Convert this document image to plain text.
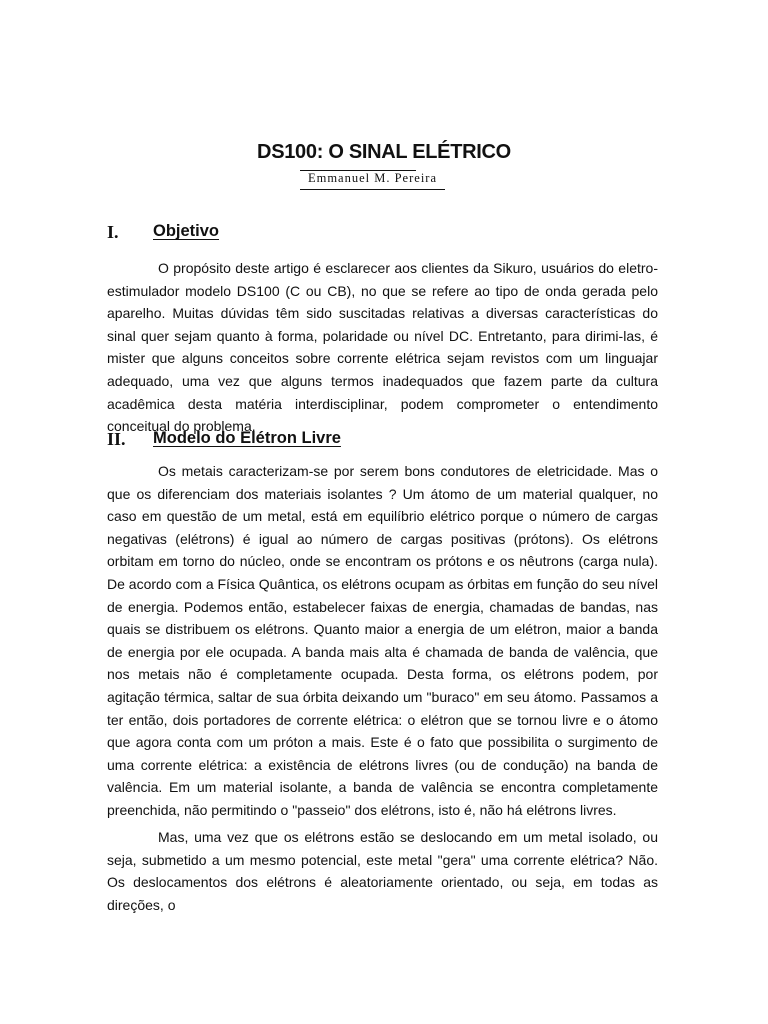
DS100: O SINAL ELÉTRICO
Emmanuel M. Pereira
I. Objetivo

O propósito deste artigo é esclarecer aos clientes da Sikuro, usuários do eletro-estimulador modelo DS100 (C ou CB), no que se refere ao tipo de onda gerada pelo aparelho. Muitas dúvidas têm sido suscitadas relativas a diversas características do sinal quer sejam quanto à forma, polaridade ou nível DC. Entretanto, para dirimi-las, é mister que alguns conceitos sobre corrente elétrica sejam revistos com um linguajar adequado, uma vez que alguns termos inadequados que fazem parte da cultura acadêmica desta matéria interdisciplinar, podem comprometer o entendimento conceitual do problema.

II. Modelo do Elétron Livre

Os metais caracterizam-se por serem bons condutores de eletricidade. Mas o que os diferenciam dos materiais isolantes ? Um átomo de um material qualquer, no caso em questão de um metal, está em equilíbrio elétrico porque o número de cargas negativas (elétrons) é igual ao número de cargas positivas (prótons). Os elétrons orbitam em torno do núcleo, onde se encontram os prótons e os nêutrons (carga nula). De acordo com a Física Quântica, os elétrons ocupam as órbitas em função do seu nível de energia. Podemos então, estabelecer faixas de energia, chamadas de bandas, nas quais se distribuem os elétrons. Quanto maior a energia de um elétron, maior a banda de energia por ele ocupada. A banda mais alta é chamada de banda de valência, que nos metais não é completamente ocupada. Desta forma, os elétrons podem, por agitação térmica, saltar de sua órbita deixando um "buraco" em seu átomo. Passamos a ter então, dois portadores de corrente elétrica: o elétron que se tornou livre e o átomo que agora conta com um próton a mais. Este é o fato que possibilita o surgimento de uma corrente elétrica: a existência de elétrons livres (ou de condução) na banda de valência. Em um material isolante, a banda de valência se encontra completamente preenchida, não permitindo o "passeio" dos elétrons, isto é, não há elétrons livres.

Mas, uma vez que os elétrons estão se deslocando em um metal isolado, ou seja, submetido a um mesmo potencial, este metal "gera" uma corrente elétrica? Não. Os deslocamentos dos elétrons é aleatoriamente orientado, ou seja, em todas as direções, o
